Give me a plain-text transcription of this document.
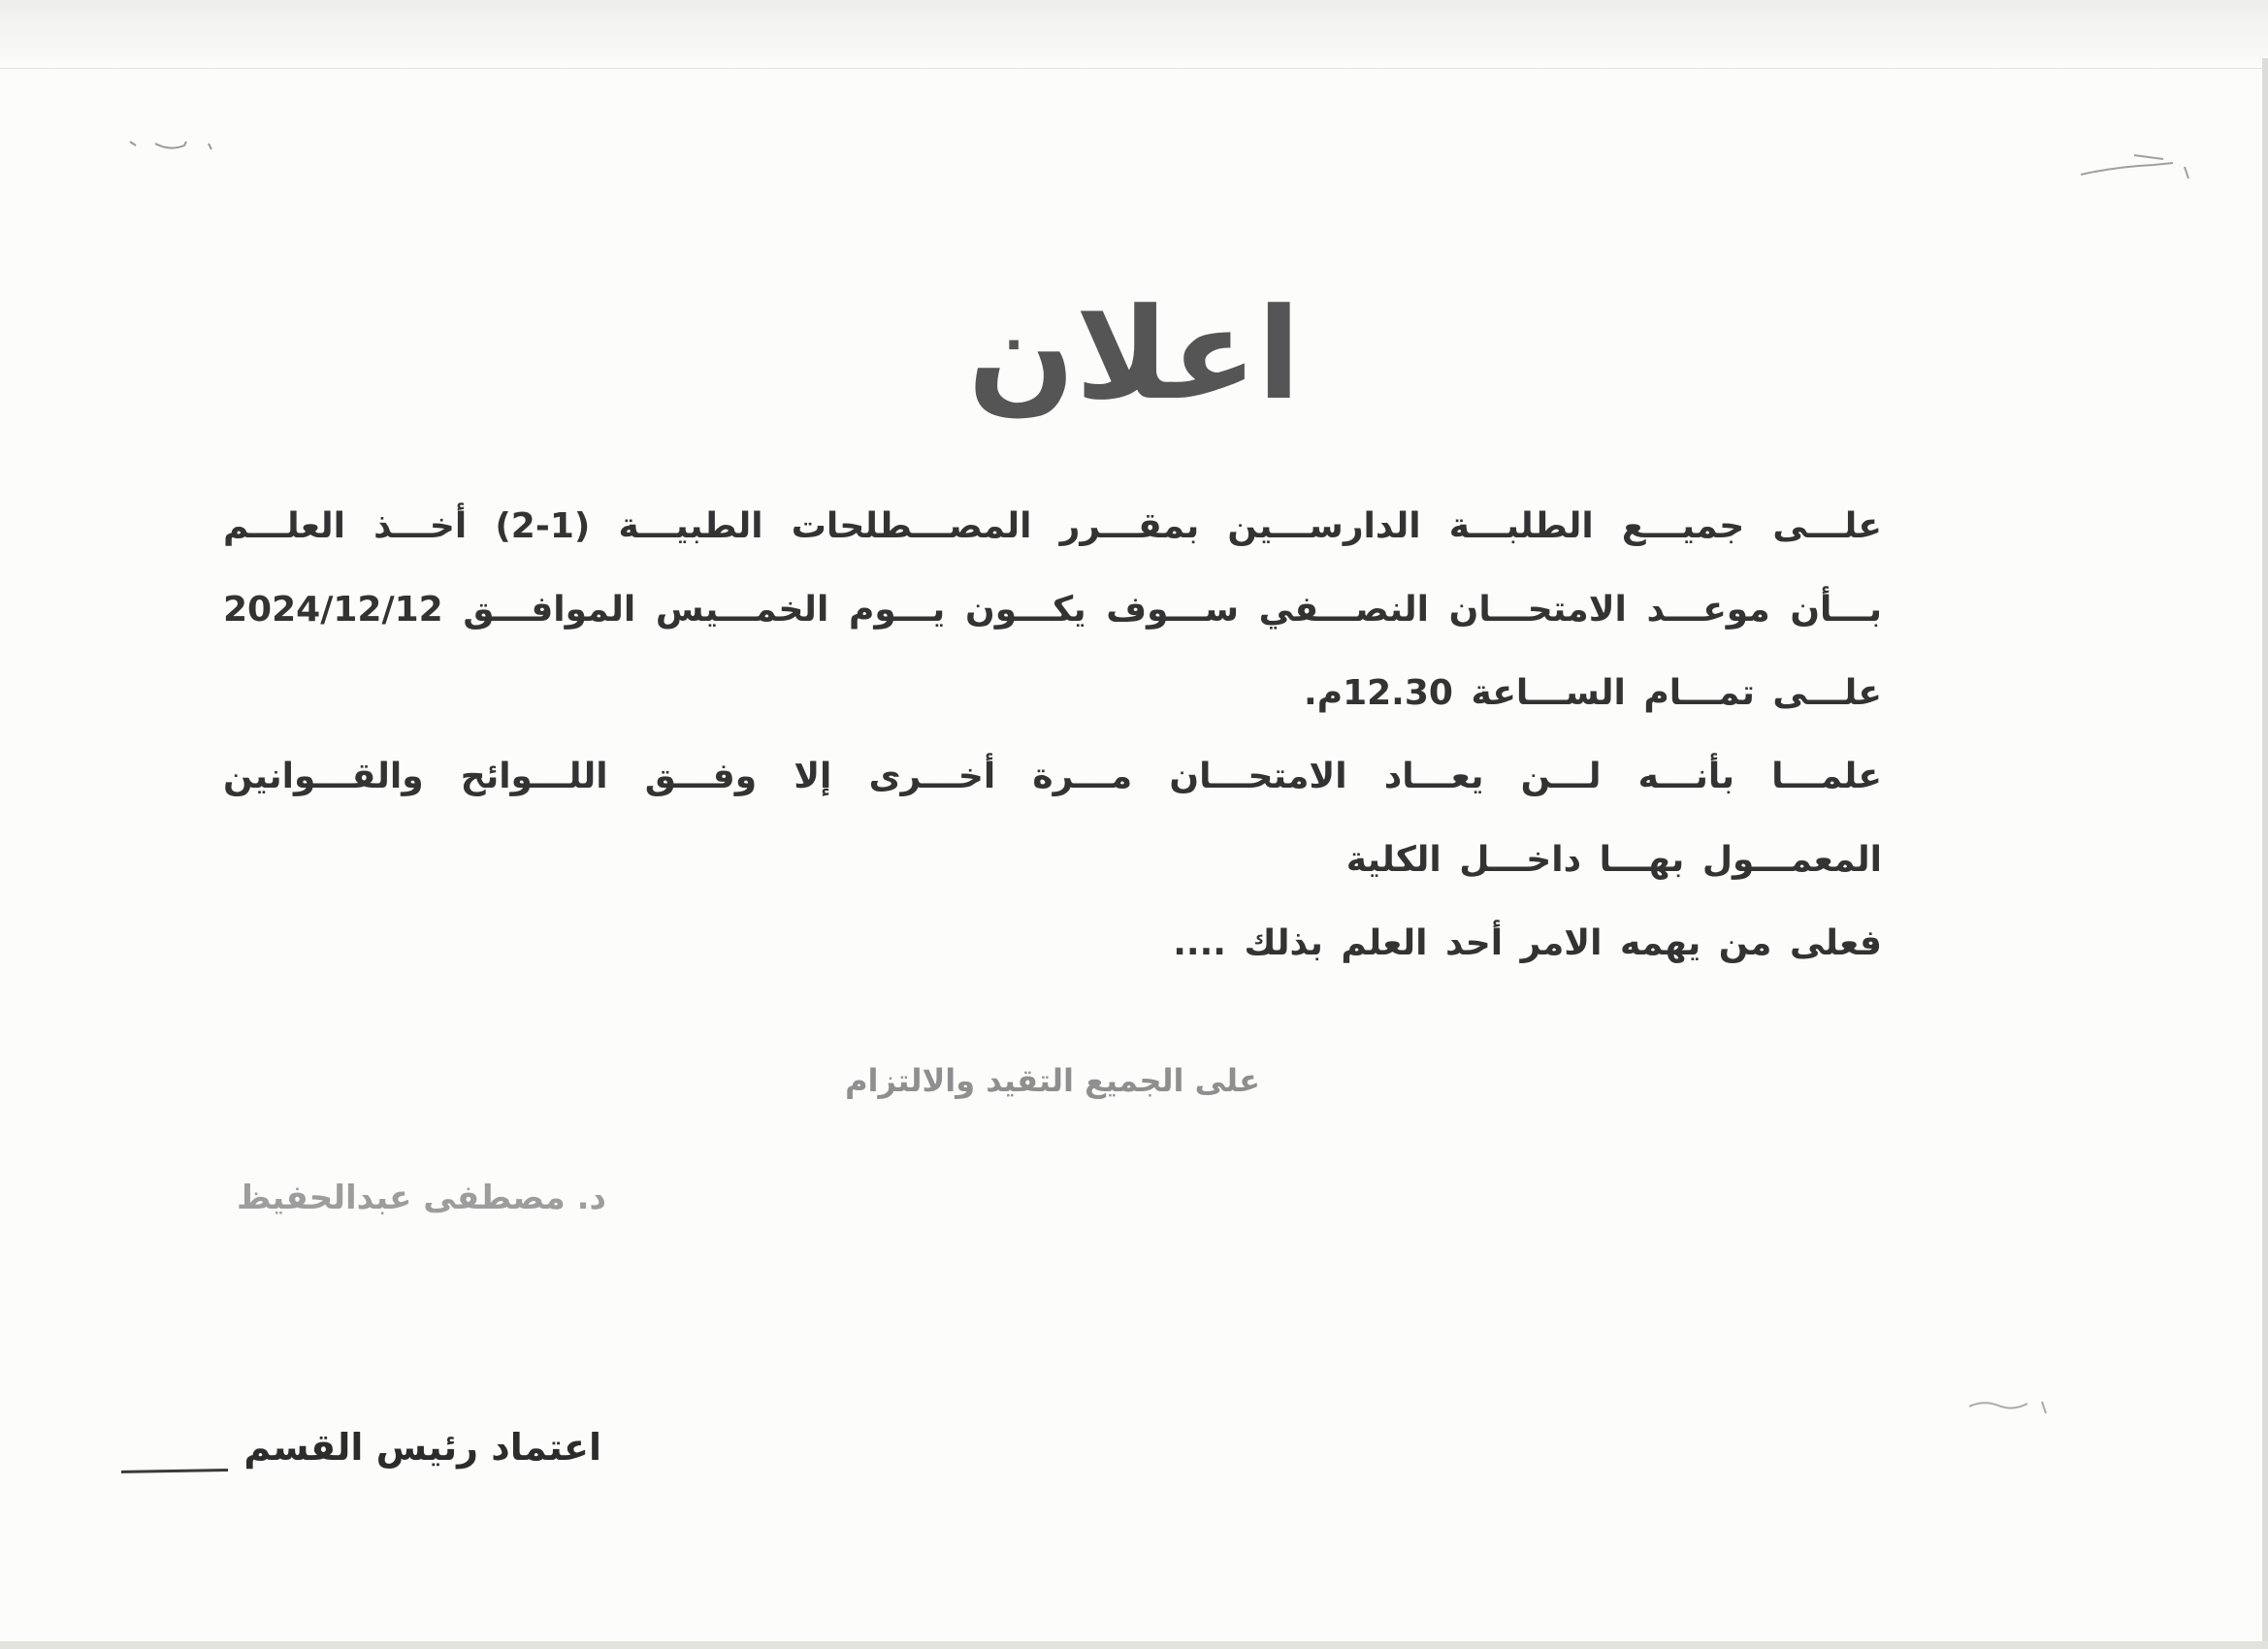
اعلان

علـــى جميـــع الطلبـــة الدارســـين بمقـــرر المصـــطلحات الطبيـــة (1-2) أخـــذ العلـــم بـــأن موعـــد الامتحـــان النصـــفي ســـوف يكـــون يـــوم الخمـــيس الموافـــق 2024/12/12 علـــى تمـــام الســـاعة 12.30م.

علمـــا بأنـــه لـــن يعـــاد الامتحـــان مـــرة أخـــرى إلا وفـــق اللـــوائح والقـــوانين المعمـــول بهـــا داخـــل الكلية

فعلى من يهمه الامر أحد العلم بذلك ....

على الجميع التقيد والالتزام
د. مصطفى عبدالحفيظ
اعتماد رئيس القسم
